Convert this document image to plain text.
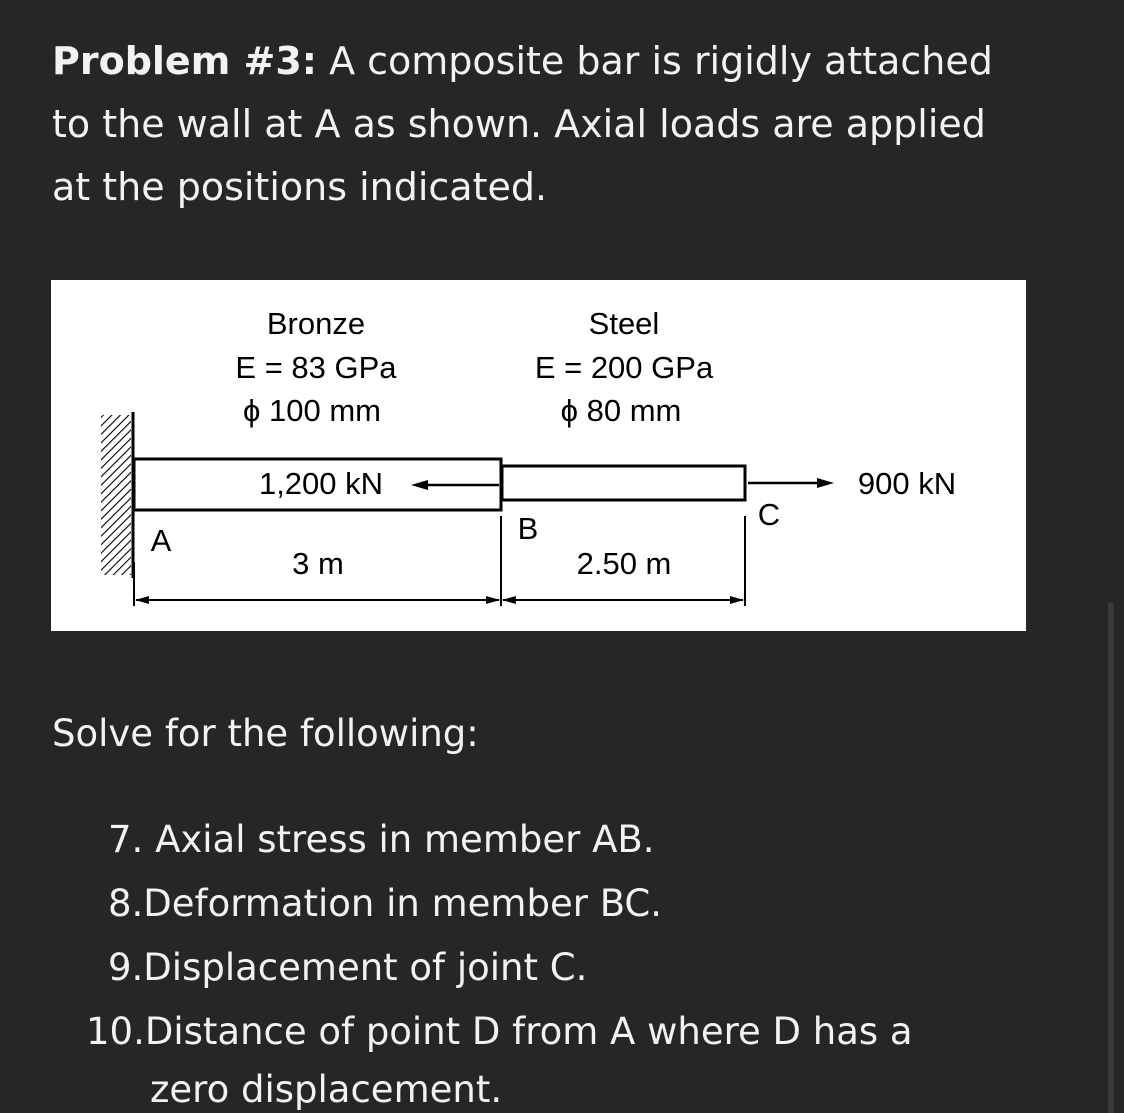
Problem #3: A composite bar is rigidly attached
to the wall at A as shown. Axial loads are applied
at the positions indicated.
Bronze
E = 83 GPa
ϕ 100 mm
Steel
E = 200 GPa
ϕ 80 mm
1,200 kN	900 kN
A	B	C
3 m	2.50 m

Solve for the following:

7. Axial stress in member AB.

8.Deformation in member BC.

9.Displacement of joint C.

10.Distance of point D from A where D has a

zero displacement.
